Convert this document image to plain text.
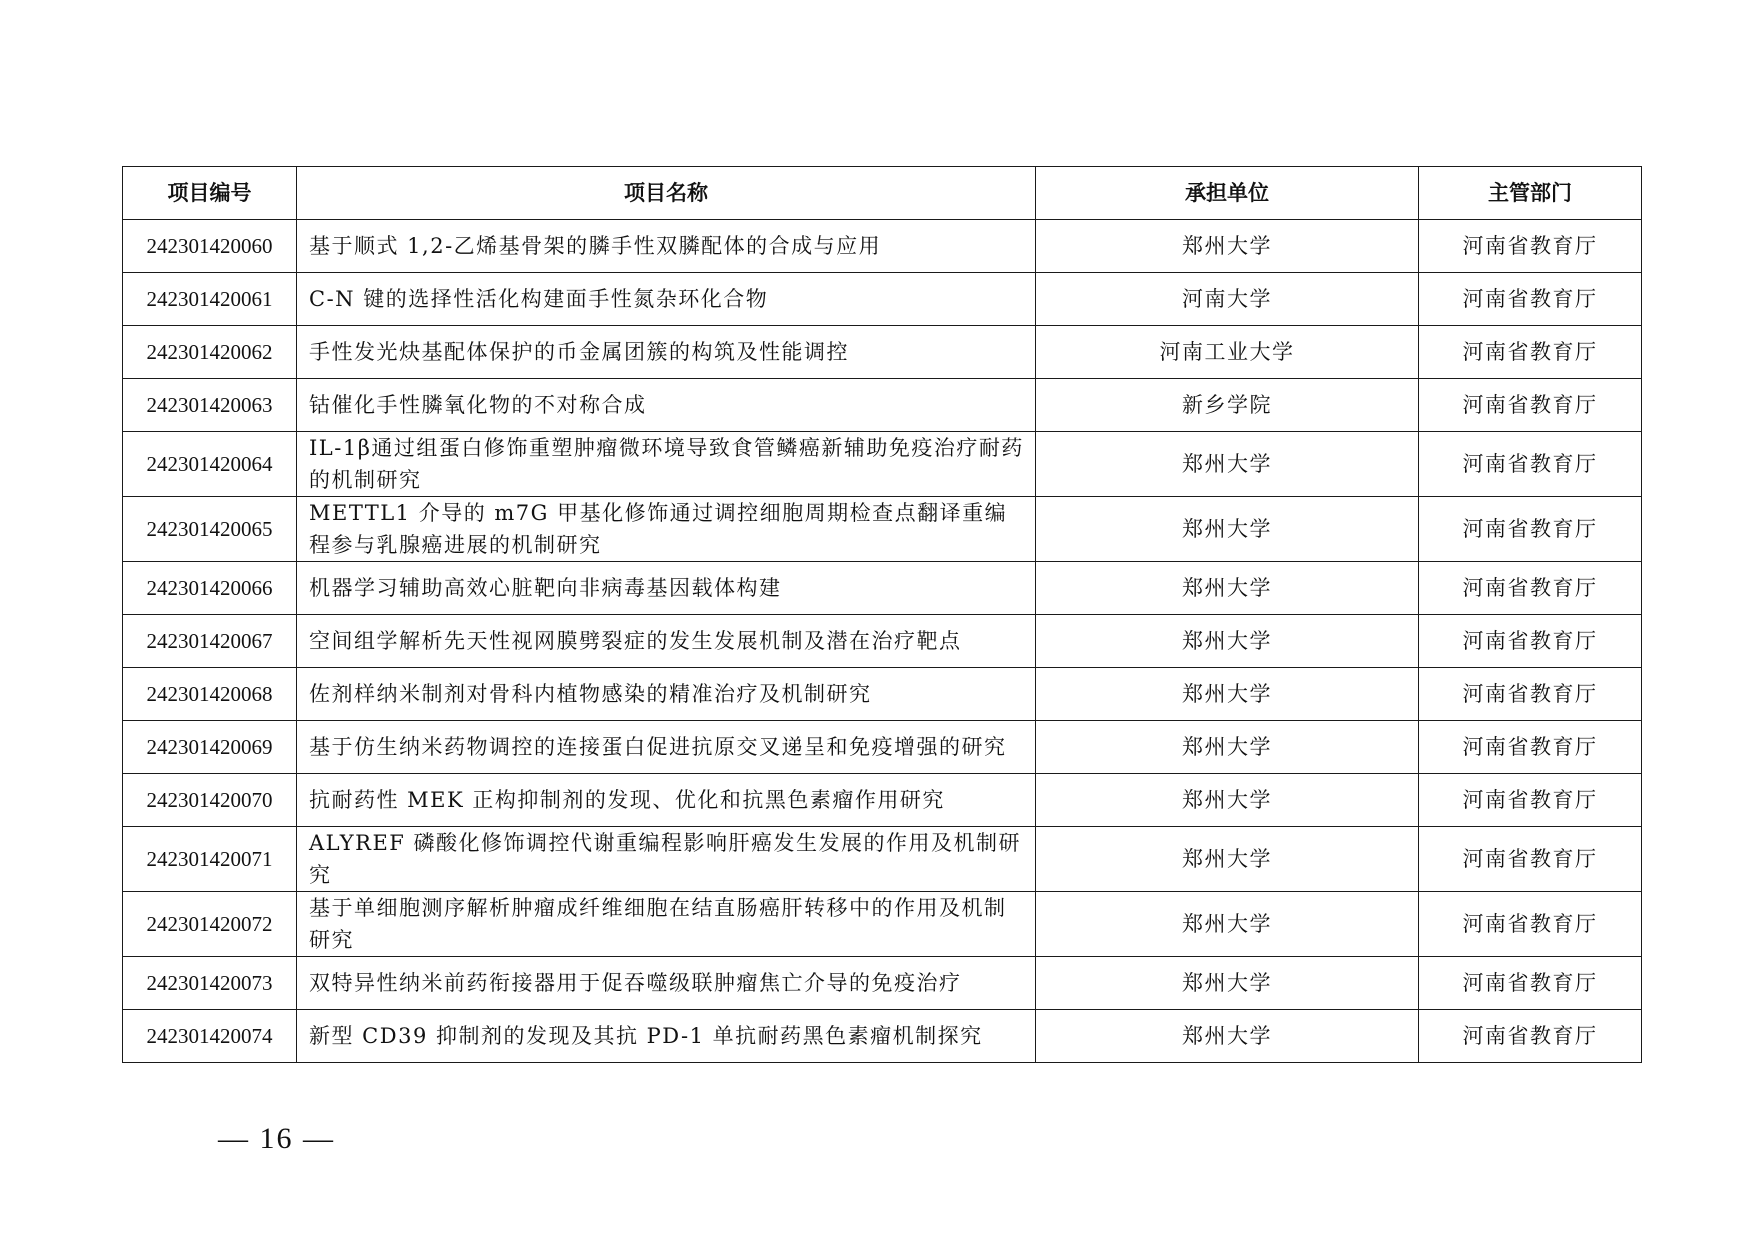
项目编号	项目名称	承担单位	主管部门
242301420060	基于顺式 1,2-乙烯基骨架的膦手性双膦配体的合成与应用	郑州大学	河南省教育厅
242301420061	C-N 键的选择性活化构建面手性氮杂环化合物	河南大学	河南省教育厅
242301420062	手性发光炔基配体保护的币金属团簇的构筑及性能调控	河南工业大学	河南省教育厅
242301420063	钴催化手性膦氧化物的不对称合成	新乡学院	河南省教育厅
242301420064	IL-1β通过组蛋白修饰重塑肿瘤微环境导致食管鳞癌新辅助免疫治疗耐药的机制研究	郑州大学	河南省教育厅
242301420065	METTL1 介导的 m7G 甲基化修饰通过调控细胞周期检查点翻译重编程参与乳腺癌进展的机制研究	郑州大学	河南省教育厅
242301420066	机器学习辅助高效心脏靶向非病毒基因载体构建	郑州大学	河南省教育厅
242301420067	空间组学解析先天性视网膜劈裂症的发生发展机制及潜在治疗靶点	郑州大学	河南省教育厅
242301420068	佐剂样纳米制剂对骨科内植物感染的精准治疗及机制研究	郑州大学	河南省教育厅
242301420069	基于仿生纳米药物调控的连接蛋白促进抗原交叉递呈和免疫增强的研究	郑州大学	河南省教育厅
242301420070	抗耐药性 MEK 正构抑制剂的发现、优化和抗黑色素瘤作用研究	郑州大学	河南省教育厅
242301420071	ALYREF 磷酸化修饰调控代谢重编程影响肝癌发生发展的作用及机制研究	郑州大学	河南省教育厅
242301420072	基于单细胞测序解析肿瘤成纤维细胞在结直肠癌肝转移中的作用及机制研究	郑州大学	河南省教育厅
242301420073	双特异性纳米前药衔接器用于促吞噬级联肿瘤焦亡介导的免疫治疗	郑州大学	河南省教育厅
242301420074	新型 CD39 抑制剂的发现及其抗 PD-1 单抗耐药黑色素瘤机制探究	郑州大学	河南省教育厅
— 16 —
